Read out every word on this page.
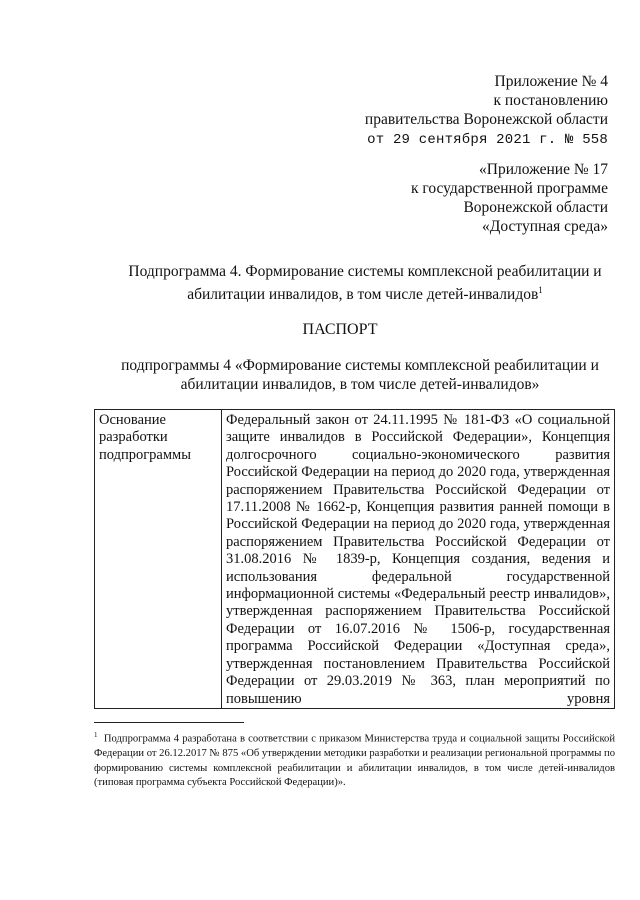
Приложение № 4
к постановлению
правительства Воронежской области
от 29 сентября 2021 г. № 558
«Приложение № 17
к государственной программе
Воронежской области
«Доступная среда»
Подпрограмма 4. Формирование системы комплексной реабилитации и
абилитации инвалидов, в том числе детей-инвалидов$^1$
ПАСПОРТ
подпрограммы 4 «Формирование системы комплексной реабилитации и
абилитации инвалидов, в том числе детей-инвалидов»
Основание
разработки
подпрограммы
	Федеральный закон от 24.11.1995 № 181-ФЗ «О социальной защите инвалидов в Российской Федерации», Концепция долгосрочного социально-экономического развития Российской Федерации на период до 2020 года, утвержденная распоряжением Правительства Российской Федерации от 17.11.2008 № 1662-р, Концепция развития ранней помощи в Российской Федерации на период до 2020 года, утвержденная распоряжением Правительства Российской Федерации от 31.08.2016 № 1839-р, Концепция создания, ведения и использования федеральной государственной информационной системы «Федеральный реестр инвалидов», утвержденная распоряжением Правительства Российской Федерации от 16.07.2016 № 1506-р, государственная программа Российской Федерации «Доступная среда», утвержденная постановлением Правительства Российской Федерации от 29.03.2019 № 363, план мероприятий по повышению уровня
$^1$ Подпрограмма 4 разработана в соответствии с приказом Министерства труда и социальной защиты Российской Федерации от 26.12.2017 № 875 «Об утверждении методики разработки и реализации региональной программы по формированию системы комплексной реабилитации и абилитации инвалидов, в том числе детей-инвалидов (типовая программа субъекта Российской Федерации)».
